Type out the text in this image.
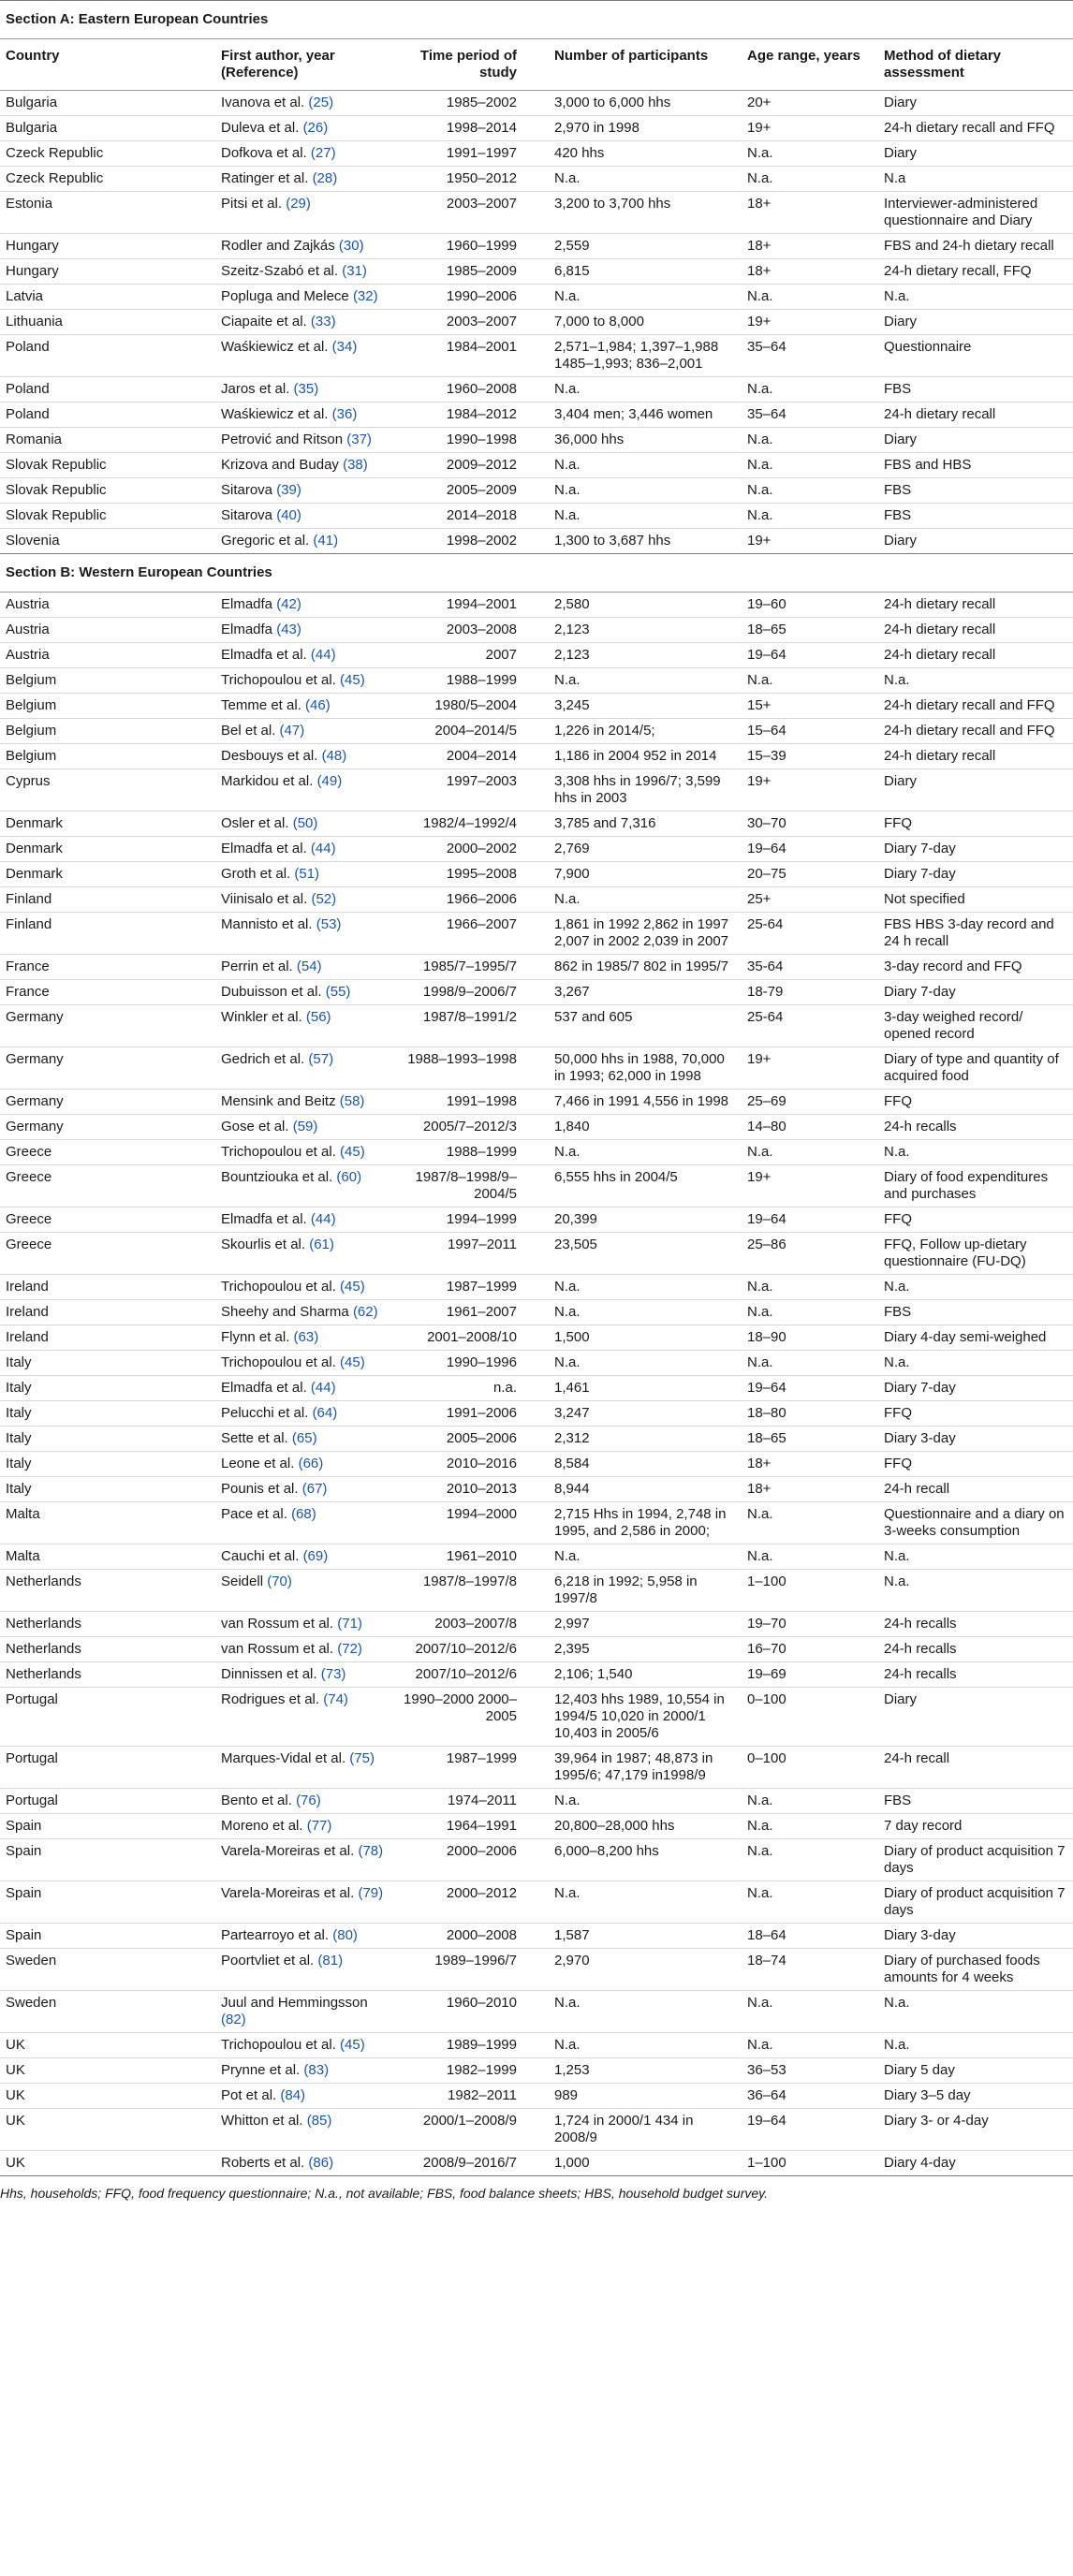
Section A: Eastern European Countries					
Country	First author, year (Reference)	Time period of study	Number of participants	Age range, years	Method of dietary assessment
Bulgaria	Ivanova et al. (25)	1985–2002	3,000 to 6,000 hhs	20+	Diary
Bulgaria	Duleva et al. (26)	1998–2014	2,970 in 1998	19+	24-h dietary recall and FFQ
Czeck Republic	Dofkova et al. (27)	1991–1997	420 hhs	N.a.	Diary
Czeck Republic	Ratinger et al. (28)	1950–2012	N.a.	N.a.	N.a
Estonia	Pitsi et al. (29)	2003–2007	3,200 to 3,700 hhs	18+	Interviewer-administered questionnaire and Diary
Hungary	Rodler and Zajkás (30)	1960–1999	2,559	18+	FBS and 24-h dietary recall
Hungary	Szeitz-Szabó et al. (31)	1985–2009	6,815	18+	24-h dietary recall, FFQ
Latvia	Popluga and Melece (32)	1990–2006	N.a.	N.a.	N.a.
Lithuania	Ciapaite et al. (33)	2003–2007	7,000 to 8,000	19+	Diary
Poland	Waśkiewicz et al. (34)	1984–2001	2,571–1,984; 1,397–1,988 1485–1,993; 836–2,001	35–64	Questionnaire
Poland	Jaros et al. (35)	1960–2008	N.a.	N.a.	FBS
Poland	Waśkiewicz et al. (36)	1984–2012	3,404 men; 3,446 women	35–64	24-h dietary recall
Romania	Petrović and Ritson (37)	1990–1998	36,000 hhs	N.a.	Diary
Slovak Republic	Krizova and Buday (38)	2009–2012	N.a.	N.a.	FBS and HBS
Slovak Republic	Sitarova (39)	2005–2009	N.a.	N.a.	FBS
Slovak Republic	Sitarova (40)	2014–2018	N.a.	N.a.	FBS
Slovenia	Gregoric et al. (41)	1998–2002	1,300 to 3,687 hhs	19+	Diary
Section B: Western European Countries					
Austria	Elmadfa (42)	1994–2001	2,580	19–60	24-h dietary recall
Austria	Elmadfa (43)	2003–2008	2,123	18–65	24-h dietary recall
Austria	Elmadfa et al. (44)	2007	2,123	19–64	24-h dietary recall
Belgium	Trichopoulou et al. (45)	1988–1999	N.a.	N.a.	N.a.
Belgium	Temme et al. (46)	1980/5–2004	3,245	15+	24-h dietary recall and FFQ
Belgium	Bel et al. (47)	2004–2014/5	1,226 in 2014/5;	15–64	24-h dietary recall and FFQ
Belgium	Desbouys et al. (48)	2004–2014	1,186 in 2004 952 in 2014	15–39	24-h dietary recall
Cyprus	Markidou et al. (49)	1997–2003	3,308 hhs in 1996/7; 3,599 hhs in 2003	19+	Diary
Denmark	Osler et al. (50)	1982/4–1992/4	3,785 and 7,316	30–70	FFQ
Denmark	Elmadfa et al. (44)	2000–2002	2,769	19–64	Diary 7-day
Denmark	Groth et al. (51)	1995–2008	7,900	20–75	Diary 7-day
Finland	Viinisalo et al. (52)	1966–2006	N.a.	25+	Not specified
Finland	Mannisto et al. (53)	1966–2007	1,861 in 1992 2,862 in 1997 2,007 in 2002 2,039 in 2007	25-64	FBS HBS 3-day record and 24 h recall
France	Perrin et al. (54)	1985/7–1995/7	862 in 1985/7 802 in 1995/7	35-64	3-day record and FFQ
France	Dubuisson et al. (55)	1998/9–2006/7	3,267	18-79	Diary 7-day
Germany	Winkler et al. (56)	1987/8–1991/2	537 and 605	25-64	3-day weighed record/ opened record
Germany	Gedrich et al. (57)	1988–1993–1998	50,000 hhs in 1988, 70,000 in 1993; 62,000 in 1998	19+	Diary of type and quantity of acquired food
Germany	Mensink and Beitz (58)	1991–1998	7,466 in 1991 4,556 in 1998	25–69	FFQ
Germany	Gose et al. (59)	2005/7–2012/3	1,840	14–80	24-h recalls
Greece	Trichopoulou et al. (45)	1988–1999	N.a.	N.a.	N.a.
Greece	Bountziouka et al. (60)	1987/8–1998/9–2004/5	6,555 hhs in 2004/5	19+	Diary of food expenditures and purchases
Greece	Elmadfa et al. (44)	1994–1999	20,399	19–64	FFQ
Greece	Skourlis et al. (61)	1997–2011	23,505	25–86	FFQ, Follow up-dietary questionnaire (FU-DQ)
Ireland	Trichopoulou et al. (45)	1987–1999	N.a.	N.a.	N.a.
Ireland	Sheehy and Sharma (62)	1961–2007	N.a.	N.a.	FBS
Ireland	Flynn et al. (63)	2001–2008/10	1,500	18–90	Diary 4-day semi-weighed
Italy	Trichopoulou et al. (45)	1990–1996	N.a.	N.a.	N.a.
Italy	Elmadfa et al. (44)	n.a.	1,461	19–64	Diary 7-day
Italy	Pelucchi et al. (64)	1991–2006	3,247	18–80	FFQ
Italy	Sette et al. (65)	2005–2006	2,312	18–65	Diary 3-day
Italy	Leone et al. (66)	2010–2016	8,584	18+	FFQ
Italy	Pounis et al. (67)	2010–2013	8,944	18+	24-h recall
Malta	Pace et al. (68)	1994–2000	2,715 Hhs in 1994, 2,748 in 1995, and 2,586 in 2000;	N.a.	Questionnaire and a diary on 3-weeks consumption
Malta	Cauchi et al. (69)	1961–2010	N.a.	N.a.	N.a.
Netherlands	Seidell (70)	1987/8–1997/8	6,218 in 1992; 5,958 in 1997/8	1–100	N.a.
Netherlands	van Rossum et al. (71)	2003–2007/8	2,997	19–70	24-h recalls
Netherlands	van Rossum et al. (72)	2007/10–2012/6	2,395	16–70	24-h recalls
Netherlands	Dinnissen et al. (73)	2007/10–2012/6	2,106; 1,540	19–69	24-h recalls
Portugal	Rodrigues et al. (74)	1990–2000 2000–2005	12,403 hhs 1989, 10,554 in 1994/5 10,020 in 2000/1 10,403 in 2005/6	0–100	Diary
Portugal	Marques-Vidal et al. (75)	1987–1999	39,964 in 1987; 48,873 in 1995/6; 47,179 in1998/9	0–100	24-h recall
Portugal	Bento et al. (76)	1974–2011	N.a.	N.a.	FBS
Spain	Moreno et al. (77)	1964–1991	20,800–28,000 hhs	N.a.	7 day record
Spain	Varela-Moreiras et al. (78)	2000–2006	6,000–8,200 hhs	N.a.	Diary of product acquisition 7 days
Spain	Varela-Moreiras et al. (79)	2000–2012	N.a.	N.a.	Diary of product acquisition 7 days
Spain	Partearroyo et al. (80)	2000–2008	1,587	18–64	Diary 3-day
Sweden	Poortvliet et al. (81)	1989–1996/7	2,970	18–74	Diary of purchased foods amounts for 4 weeks
Sweden	Juul and Hemmingsson (82)	1960–2010	N.a.	N.a.	N.a.
UK	Trichopoulou et al. (45)	1989–1999	N.a.	N.a.	N.a.
UK	Prynne et al. (83)	1982–1999	1,253	36–53	Diary 5 day
UK	Pot et al. (84)	1982–2011	989	36–64	Diary 3–5 day
UK	Whitton et al. (85)	2000/1–2008/9	1,724 in 2000/1 434 in 2008/9	19–64	Diary 3- or 4-day
UK	Roberts et al. (86)	2008/9–2016/7	1,000	1–100	Diary 4-day
Hhs, households; FFQ, food frequency questionnaire; N.a., not available; FBS, food balance sheets; HBS, household budget survey.
